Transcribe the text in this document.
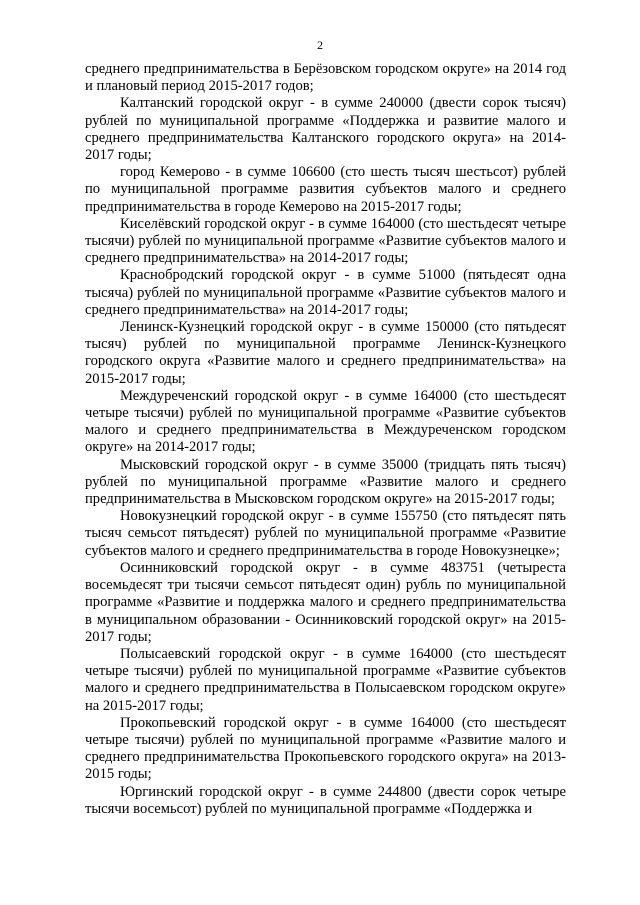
2

среднего предпринимательства в Берёзовском городском округе» на 2014 год и плановый период 2015-2017 годов;

Калтанский городской округ - в сумме 240000 (двести сорок тысяч) рублей по муниципальной программе «Поддержка и развитие малого и среднего предпринимательства Калтанского городского округа» на 2014-2017 годы;

город Кемерово - в сумме 106600 (сто шесть тысяч шестьсот) рублей по муниципальной программе развития субъектов малого и среднего предпринимательства в городе Кемерово на 2015-2017 годы;

Киселёвский городской округ - в сумме 164000 (сто шестьдесят четыре тысячи) рублей по муниципальной программе «Развитие субъектов малого и среднего предпринимательства» на 2014-2017 годы;

Краснобродский городской округ - в сумме 51000 (пятьдесят одна тысяча) рублей по муниципальной программе «Развитие субъектов малого и среднего предпринимательства» на 2014-2017 годы;

Ленинск-Кузнецкий городской округ - в сумме 150000 (сто пятьдесят тысяч) рублей по муниципальной программе Ленинск-Кузнецкого городского округа «Развитие малого и среднего предпринимательства» на 2015-2017 годы;

Междуреченский городской округ - в сумме 164000 (сто шестьдесят четыре тысячи) рублей по муниципальной программе «Развитие субъектов малого и среднего предпринимательства в Междуреченском городском округе» на 2014-2017 годы;

Мысковский городской округ - в сумме 35000 (тридцать пять тысяч) рублей по муниципальной программе «Развитие малого и среднего предпринимательства в Мысковском городском округе» на 2015-2017 годы;

Новокузнецкий городской округ - в сумме 155750 (сто пятьдесят пять тысяч семьсот пятьдесят) рублей по муниципальной программе «Развитие субъектов малого и среднего предпринимательства в городе Новокузнецке»;

Осинниковский городской округ - в сумме 483751 (четыреста восемьдесят три тысячи семьсот пятьдесят один) рубль по муниципальной программе «Развитие и поддержка малого и среднего предпринимательства в муниципальном образовании - Осинниковский городской округ» на 2015-2017 годы;

Полысаевский городской округ - в сумме 164000 (сто шестьдесят четыре тысячи) рублей по муниципальной программе «Развитие субъектов малого и среднего предпринимательства в Полысаевском городском округе» на 2015-2017 годы;

Прокопьевский городской округ - в сумме 164000 (сто шестьдесят четыре тысячи) рублей по муниципальной программе «Развитие малого и среднего предпринимательства Прокопьевского городского округа» на 2013-2015 годы;

Юргинский городской округ - в сумме 244800 (двести сорок четыре тысячи восемьсот) рублей по муниципальной программе «Поддержка и
